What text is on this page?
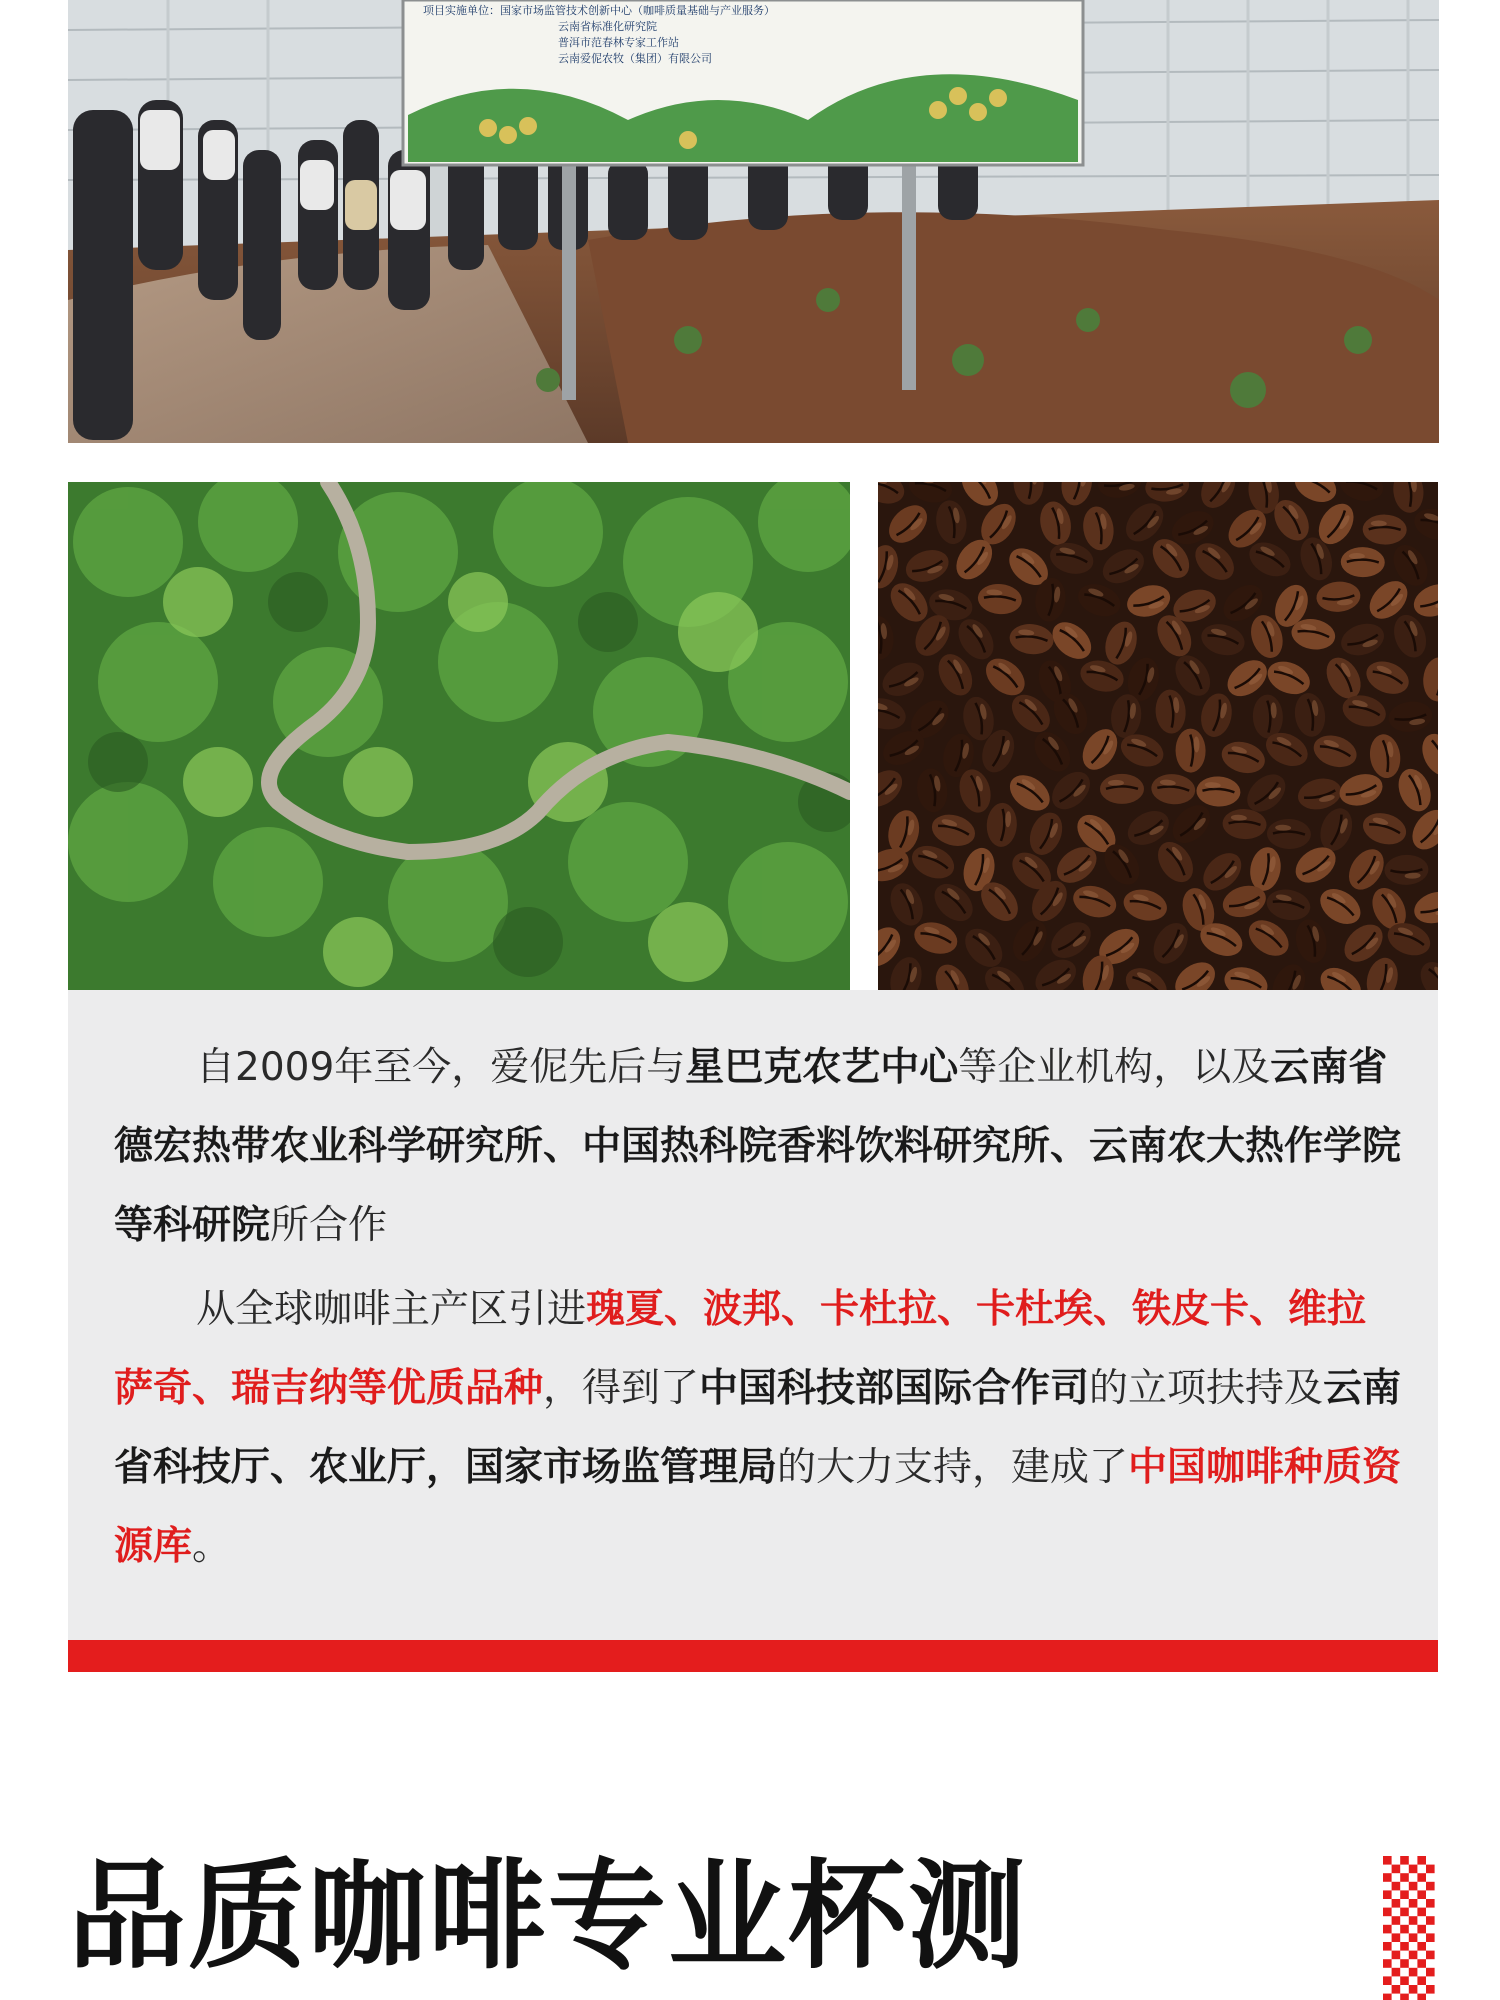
项目实施单位：国家市场监管技术创新中心（咖啡质量基础与产业服务）
云南省标准化研究院
普洱市范春林专家工作站
云南爱伲农牧（集团）有限公司

自2009年至今，爱伲先后与星巴克农艺中心等企业机构，以及云南省德宏热带农业科学研究所、中国热科院香料饮料研究所、云南农大热作学院等科研院所合作

从全球咖啡主产区引进瑰夏、波邦、卡杜拉、卡杜埃、铁皮卡、维拉萨奇、瑞吉纳等优质品种，得到了中国科技部国际合作司的立项扶持及云南省科技厅、农业厅，国家市场监管理局的大力支持，建成了中国咖啡种质资源库。

品质咖啡专业杯测
